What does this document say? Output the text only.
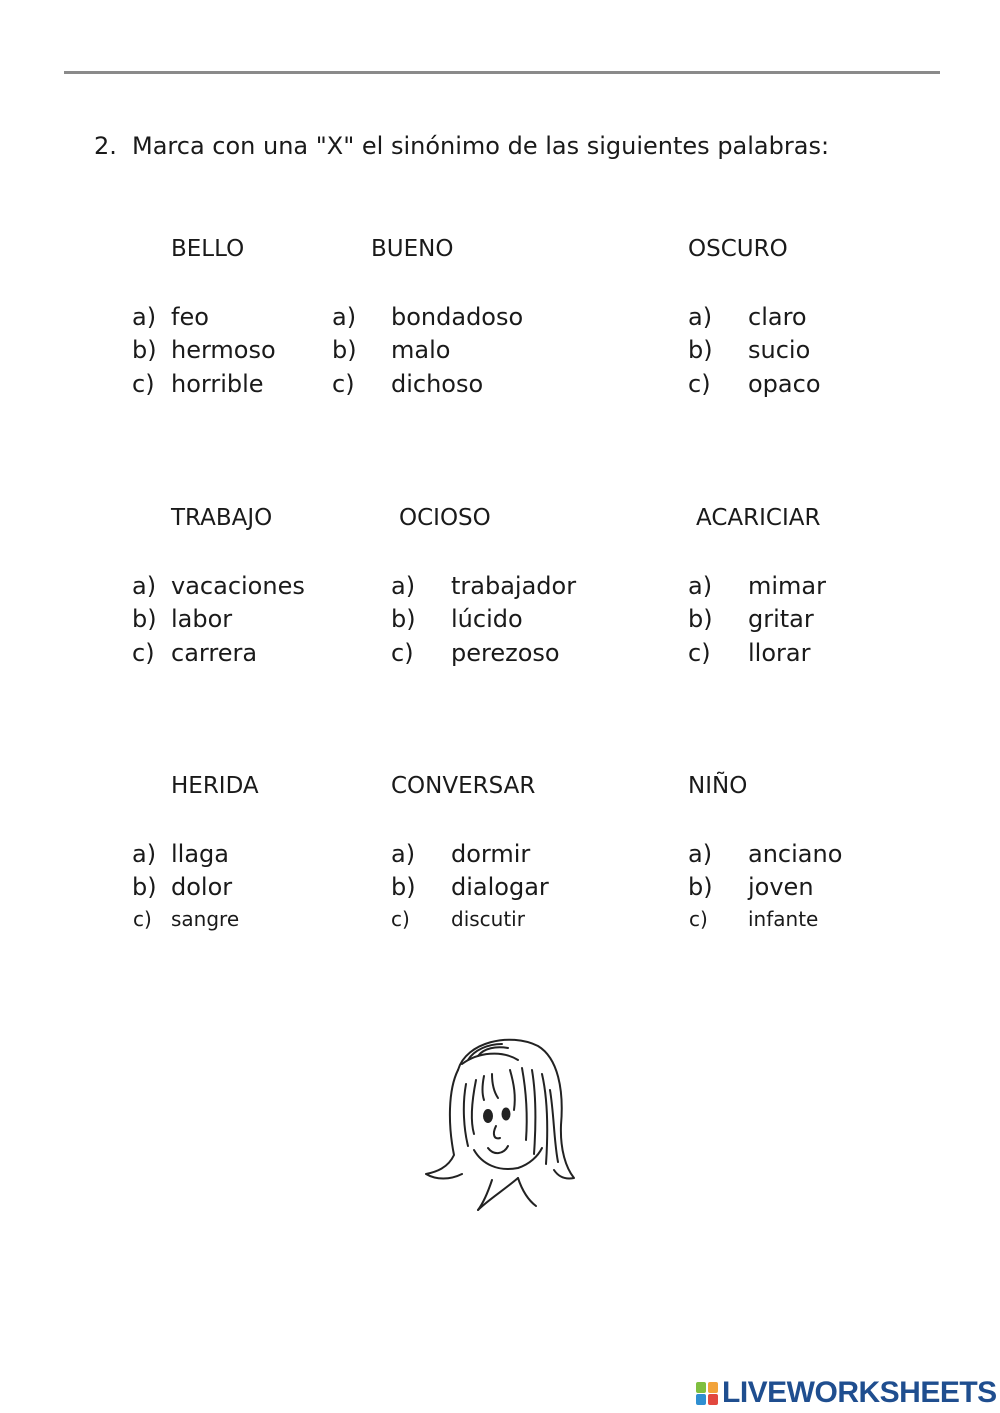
2. Marca con una "X" el sinónimo de las siguientes palabras:
BELLO
a) feo
b) hermoso
c) horrible
BUENO
a) bondadoso
b) malo
c) dichoso
OSCURO
a) claro
b) sucio
c) opaco
TRABAJO
a) vacaciones
b) labor
c) carrera
OCIOSO
a) trabajador
b) lúcido
c) perezoso
ACARICIAR
a) mimar
b) gritar
c) llorar
HERIDA
a) llaga
b) dolor
c) sangre
CONVERSAR
a) dormir
b) dialogar
c) discutir
NIÑO
a) anciano
b) joven
c) infante
LIVEWORKSHEETS
